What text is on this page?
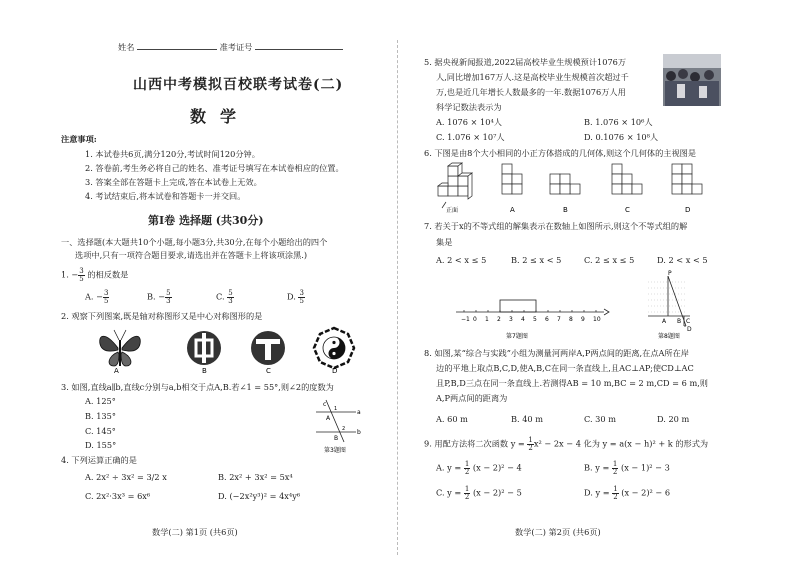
姓名	准考证号
山西中考模拟百校联考试卷(二)
数学
注意事项:
1. 本试卷共6页,满分120分,考试时间120分钟。
2. 答卷前,考生务必将自己的姓名、准考证号填写在本试卷相应的位置。
3. 答案全部在答题卡上完成,答在本试卷上无效。
4. 考试结束后,将本试卷和答题卡一并交回。
第Ⅰ卷 选择题 (共30分)
一、选择题(本大题共10个小题,每小题3分,共30分,在每个小题给出的四个
选项中,只有一项符合题目要求,请选出并在答题卡上将该项涂黑.)
1. − $\frac{3}{5}$ 的相反数是
A. − $\frac{3}{5}$	B. − $\frac{5}{3}$	C. $\frac{5}{3}$	D. $\frac{3}{5}$
2. 观察下列图案,既是轴对称图形又是中心对称图形的是
A	B	C	D
3. 如图,直线a∥b,直线c分别与a,b相交于点A,B.若∠1 = 55°,则∠2的度数为
A. 125°
B. 135°
C. 145°
D. 155°
c
a
b
A
B
1
2
第3题图
4. 下列运算正确的是
A. 2x² ÷ 3x² = 3/2 x	B. 2x² + 3x² = 5x⁴
C. 2x²·3x³ = 6x⁶	D. (−2x²y³)² = 4x⁴y⁶
数学(二) 第1页 (共6页)
5. 据央视新闻报道,2022届高校毕业生规模预计1076万
人,同比增加167万人.这是高校毕业生规模首次超过千
万,也是近几年增长人数最多的一年.数据1076万人用
科学记数法表示为
A. 1076 × 10⁴人	B. 1.076 × 10⁶人
C. 1.076 × 10⁷人	D. 0.1076 × 10⁸人
6. 下图是由8个大小相同的小正方体搭成的几何体,则这个几何体的主视图是
正面	A	B	C	D
7. 若关于x的不等式组的解集表示在数轴上如图所示,则这个不等式组的解
集是
A. 2 < x ≤ 5	B. 2 ≤ x < 5	C. 2 ≤ x ≤ 5	D. 2 < x < 5
−1 0 1 2 3 4 5 6 7 8 9 10
第7题图
P
A B C
D
第8题图
8. 如图,某“综合与实践”小组为测量河两岸A,P两点间的距离,在点A所在岸
边的平地上取点B,C,D,使A,B,C在同一条直线上,且AC⊥AP;使CD⊥AC
且P,B,D三点在同一条直线上.若测得AB = 10 m,BC = 2 m,CD = 6 m,则
A,P两点间的距离为
A. 60 m	B. 40 m	C. 30 m	D. 20 m
9. 用配方法将二次函数 $y = \frac{1}{2} x^2 - 2x - 4$ 化为 y = a(x − h)² + k 的形式为
A. $y = \frac{1}{2} (x - 2)^2 - 4$	B. $y = \frac{1}{2} (x - 1)^2 - 3$
C. $y = \frac{1}{2} (x - 2)^2 - 5$	D. $y = \frac{1}{2} (x - 2)^2 - 6$
数学(二) 第2页 (共6页)
